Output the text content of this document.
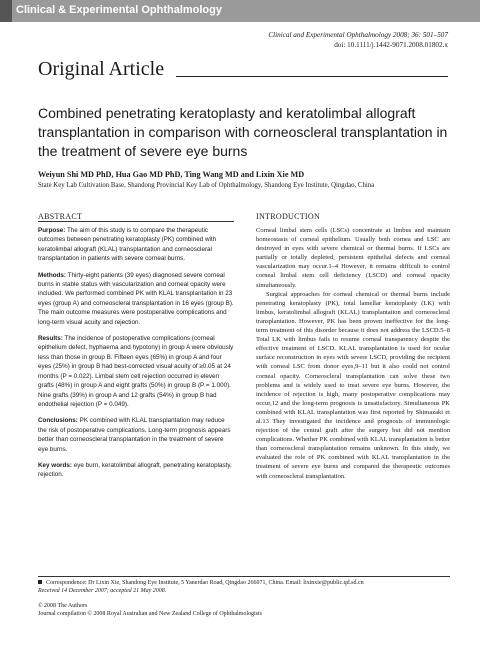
Clinical & Experimental Ophthalmology
Clinical and Experimental Ophthalmology 2008; 36: 501–507
doi: 10.1111/j.1442-9071.2008.01802.x
Original Article
Combined penetrating keratoplasty and keratolimbal allograft transplantation in comparison with corneoscleral transplantation in the treatment of severe eye burns
Weiyun Shi MD PhD, Hua Gao MD PhD, Ting Wang MD and Lixin Xie MD
State Key Lab Cultivation Base, Shandong Provincial Key Lab of Ophthalmology, Shandong Eye Institute, Qingdao, China
ABSTRACT
Purpose: The aim of this study is to compare the therapeutic outcomes between penetrating keratoplasty (PK) combined with keratolimbal allograft (KLAL) transplantation and corneoscleral transplantation in patients with severe corneal burns.
Methods: Thirty-eight patients (39 eyes) diagnosed severe corneal burns in stable status with vascularization and corneal opacity were included. We performed combined PK with KLAL transplantation in 23 eyes (group A) and corneoscleral transplantation in 16 eyes (group B). The main outcome measures were postoperative complications and long-term visual acuity and rejection.
Results: The incidence of postoperative complications (corneal epithelium defect, hyphaema and hypotony) in group A were obviously less than those in group B. Fifteen eyes (65%) in group A and four eyes (25%) in group B had best-corrected visual acuity of ≥0.05 at 24 months (P = 0.022). Limbal stem cell rejection occurred in eleven grafts (48%) in group A and eight grafts (50%) in group B (P = 1.000). Nine grafts (39%) in group A and 12 grafts (54%) in group B had endothelial rejection (P = 0.049).
Conclusions: PK combined with KLAL transplantation may reduce the risk of postoperative complications. Long-term prognosis appears better than corneoscleral transplantation in the treatment of severe eye burns.
Key words: eye burn, keratolimbal allograft, penetrating keratoplasty, rejection.
INTRODUCTION

Corneal limbal stem cells (LSCs) concentrate at limbus and maintain homeostasis of corneal epithelium. Usually both cornea and LSC are destroyed in eyes with severe chemical or thermal burns. If LSCs are partially or totally depleted, persistent epithelial defects and corneal vascularization may occur.1–4 However, it remains difficult to control corneal limbal stem cell deficiency (LSCD) and corneal opacity simultaneously.

Surgical approaches for corneal chemical or thermal burns include penetrating keratoplasty (PK), total lamellar keratoplasty (LK) with limbus, keratolimbal allograft (KLAL) transplantation and corneoscleral transplantation. However, PK has been proven ineffective for the long-term treatment of this disorder because it does not address the LSCD.5–8 Total LK with limbus fails to resume corneal transparency despite the effective treatment of LSCD. KLAL transplantation is used for ocular surface reconstruction in eyes with severe LSCD, providing the recipient with corneal LSC from donor eyes,9–11 but it also could not control corneal opacity. Corneoscleral transplantation can solve these two problems and is widely used to treat severe eye burns. However, the incidence of rejection is high, many postoperative complications may occur,12 and the long-term prognosis is unsatisfactory. Simultaneous PK combined with KLAL transplantation was first reported by Shimazaki et al.13 They investigated the incidence and prognosis of immunologic rejection of the central graft after the surgery but did not mention complications. Whether PK combined with KLAL transplantation is better than corneoscleral transplantation remains unknown. In this study, we evaluated the role of PK combined with KLAL transplantation in the treatment of severe eye burns and compared the therapeutic outcomes with corneoscleral transplantation.

Correspondence: Dr Lixin Xie, Shandong Eye Institute, 5 Yanerdao Road, Qingdao 266071, China. Email: lixinxie@public.qd.sd.cn
Received 14 December 2007; accepted 21 May 2008.
© 2008 The Authors
Journal compilation © 2008 Royal Australian and New Zealand College of Ophthalmologists
